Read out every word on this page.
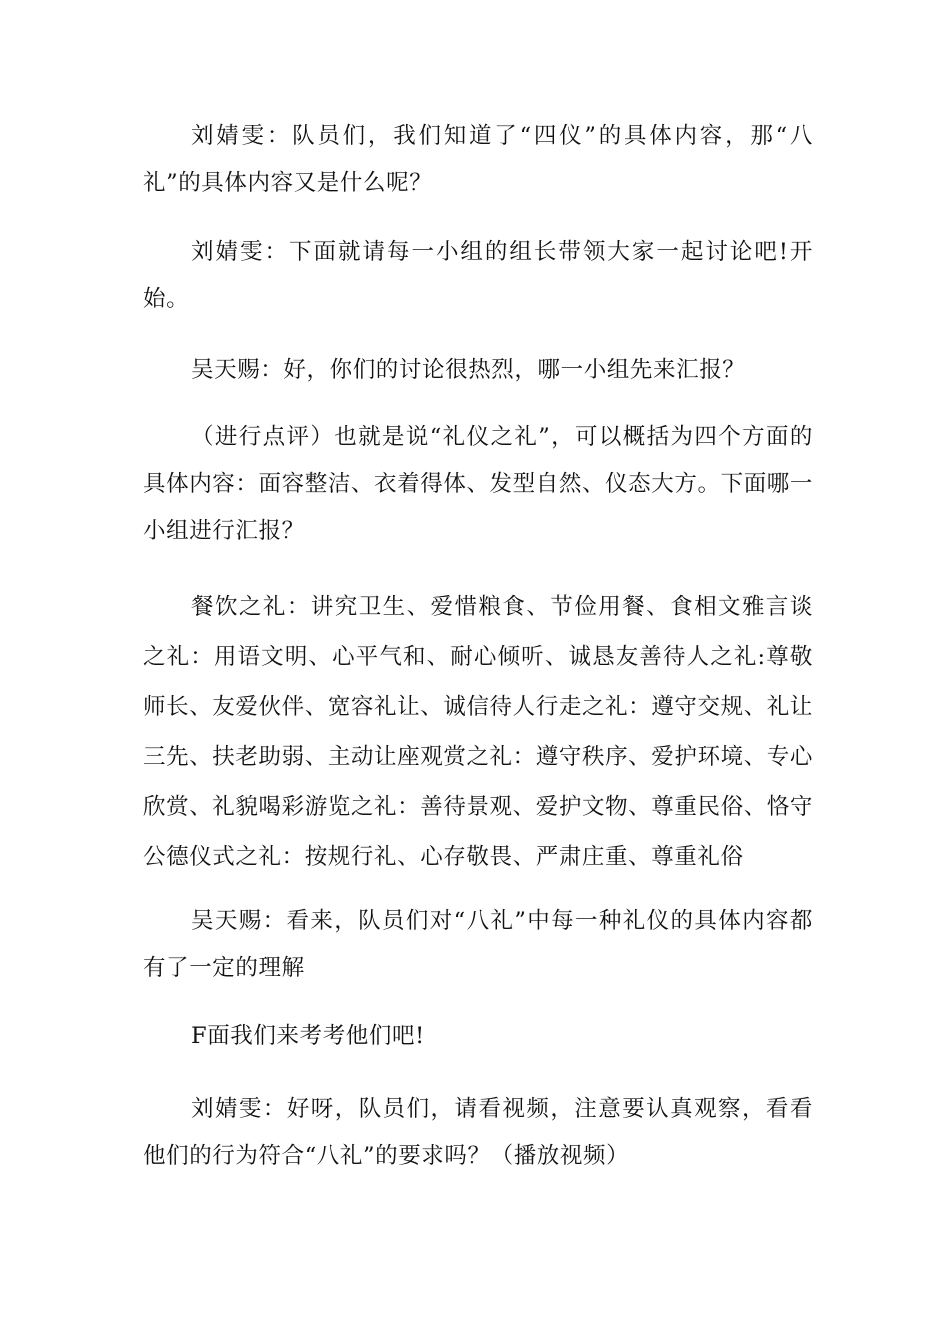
刘婧雯：队员们，我们知道了“四仪”的具体内容，那“八礼”的具体内容又是什么呢？

刘婧雯：下面就请每一小组的组长带领大家一起讨论吧!开始。

吴天赐：好，你们的讨论很热烈，哪一小组先来汇报？

（进行点评）也就是说“礼仪之礼”，可以概括为四个方面的具体内容：面容整洁、衣着得体、发型自然、仪态大方。下面哪一小组进行汇报？

餐饮之礼：讲究卫生、爱惜粮食、节俭用餐、食相文雅言谈之礼：用语文明、心平气和、耐心倾听、诚恳友善待人之礼:尊敬师长、友爱伙伴、宽容礼让、诚信待人行走之礼：遵守交规、礼让三先、扶老助弱、主动让座观赏之礼：遵守秩序、爱护环境、专心欣赏、礼貌喝彩游览之礼：善待景观、爱护文物、尊重民俗、恪守公德仪式之礼：按规行礼、心存敬畏、严肃庄重、尊重礼俗

吴天赐：看来，队员们对“八礼”中每一种礼仪的具体内容都有了一定的理解

F面我们来考考他们吧!

刘婧雯：好呀，队员们，请看视频，注意要认真观察，看看他们的行为符合“八礼”的要求吗？（播放视频）
